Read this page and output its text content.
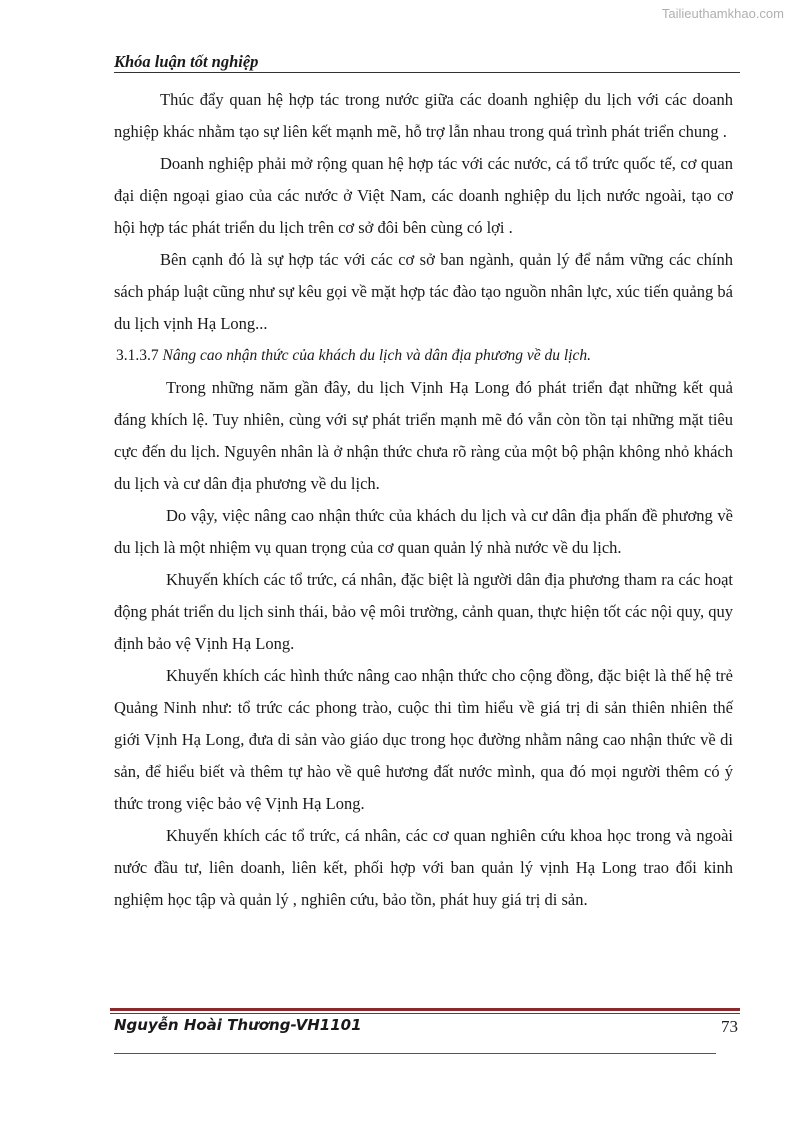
Tailieuthamkhao.com
Khóa luận tốt nghiệp

Thúc đẩy quan hệ hợp tác trong nước giữa các doanh nghiệp du lịch với các doanh nghiệp khác nhằm tạo sự liên kết mạnh mẽ, hỗ trợ lẫn nhau trong quá trình phát triển chung .

Doanh nghiệp phải mở rộng quan hệ hợp tác với các nước, cá tổ trức quốc tế, cơ quan đại diện ngoại giao của các nước ở Việt Nam, các doanh nghiệp du lịch nước ngoài, tạo cơ hội hợp tác phát triển du lịch trên cơ sở đôi bên cùng có lợi .

Bên cạnh đó là sự hợp tác với các cơ sở ban ngành, quản lý để nắm vững các chính sách pháp luật cũng như sự kêu gọi về mặt hợp tác đào tạo nguồn nhân lực, xúc tiến quảng bá du lịch vịnh Hạ Long...

3.1.3.7 Nâng cao nhận thức của khách du lịch và dân địa phương về du lịch.

Trong những năm gần đây, du lịch Vịnh Hạ Long đó phát triển đạt những kết quả đáng khích lệ. Tuy nhiên, cùng với sự phát triển mạnh mẽ đó vẫn còn tồn tại những mặt tiêu cực đến du lịch. Nguyên nhân là ở nhận thức chưa rõ ràng của một bộ phận không nhỏ khách du lịch và cư dân địa phương về du lịch.

Do vậy, việc nâng cao nhận thức của khách du lịch và cư dân địa phấn đề phương về du lịch là một nhiệm vụ quan trọng của cơ quan quản lý nhà nước về du lịch.

Khuyến khích các tổ trức, cá nhân, đặc biệt là người dân địa phương tham ra các hoạt động phát triển du lịch sinh thái, bảo vệ môi trường, cảnh quan, thực hiện tốt các nội quy, quy định bảo vệ Vịnh Hạ Long.

Khuyến khích các hình thức nâng cao nhận thức cho cộng đồng, đặc biệt là thế hệ trẻ Quảng Ninh như: tổ trức các phong trào, cuộc thi tìm hiểu về giá trị di sản thiên nhiên thế giới Vịnh Hạ Long, đưa di sản vào giáo dục trong học đường nhằm nâng cao nhận thức về di sản, để hiểu biết và thêm tự hào về quê hương đất nước mình, qua đó mọi người thêm có ý thức trong việc bảo vệ Vịnh Hạ Long.

Khuyến khích các tổ trức, cá nhân, các cơ quan nghiên cứu khoa học trong và ngoài nước đầu tư, liên doanh, liên kết, phối hợp với ban quản lý vịnh Hạ Long trao đổi kinh nghiệm học tập và quản lý , nghiên cứu, bảo tồn, phát huy giá trị di sản.

Nguyễn Hoài Thương-VH1101	73
